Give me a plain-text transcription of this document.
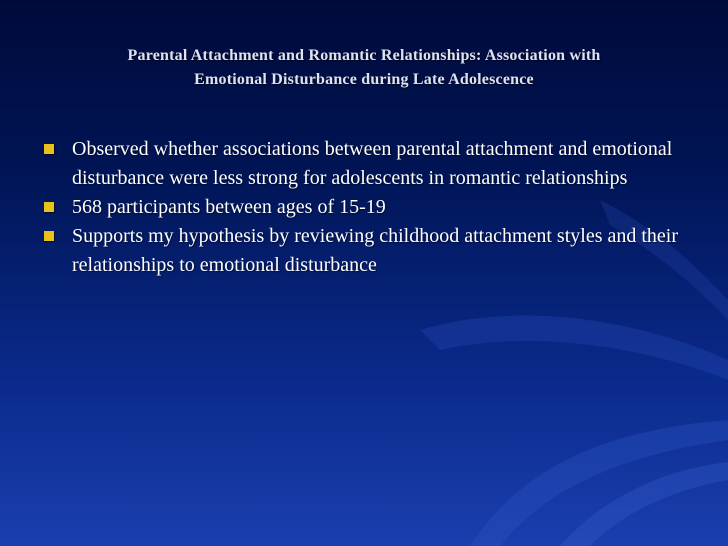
Parental Attachment and Romantic Relationships: Association with
Emotional Disturbance during Late Adolescence
Observed whether associations between parental attachment and emotional disturbance were less strong for adolescents in romantic relationships
568 participants between ages of 15-19
Supports my hypothesis by reviewing childhood attachment styles and their relationships to emotional disturbance
